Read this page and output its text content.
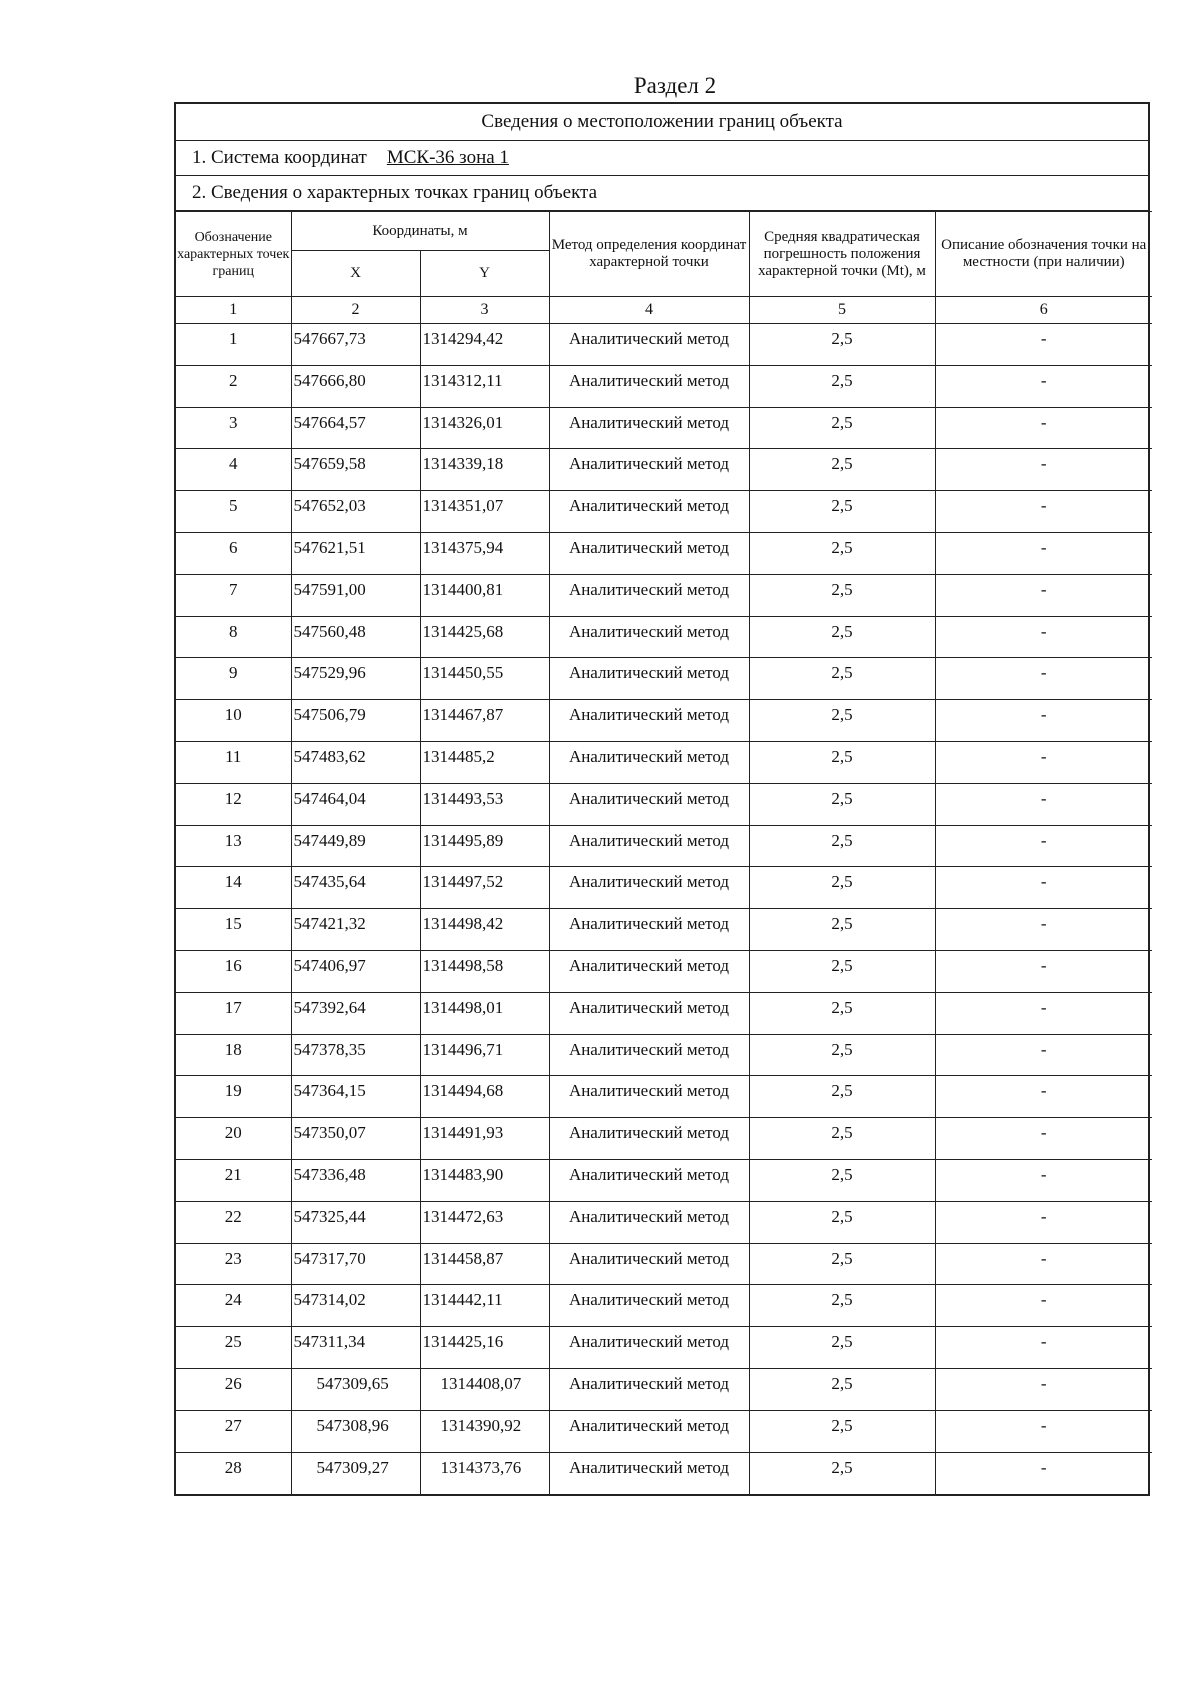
Раздел 2
Сведения о местоположении границ объекта
1. Система координат МСК-36 зона 1
2. Сведения о характерных точках границ объекта
Обозначение характерных точек границ	Координаты, м		Метод определения координат характерной точки	Средняя квадратическая погрешность положения характерной точки (Mt), м	Описание обозначения точки на местности (при наличии)
	X	Y			
1	2	3	4	5	6
1	547667,73	1314294,42	Аналитический метод	2,5	-
2	547666,80	1314312,11	Аналитический метод	2,5	-
3	547664,57	1314326,01	Аналитический метод	2,5	-
4	547659,58	1314339,18	Аналитический метод	2,5	-
5	547652,03	1314351,07	Аналитический метод	2,5	-
6	547621,51	1314375,94	Аналитический метод	2,5	-
7	547591,00	1314400,81	Аналитический метод	2,5	-
8	547560,48	1314425,68	Аналитический метод	2,5	-
9	547529,96	1314450,55	Аналитический метод	2,5	-
10	547506,79	1314467,87	Аналитический метод	2,5	-
11	547483,62	1314485,2	Аналитический метод	2,5	-
12	547464,04	1314493,53	Аналитический метод	2,5	-
13	547449,89	1314495,89	Аналитический метод	2,5	-
14	547435,64	1314497,52	Аналитический метод	2,5	-
15	547421,32	1314498,42	Аналитический метод	2,5	-
16	547406,97	1314498,58	Аналитический метод	2,5	-
17	547392,64	1314498,01	Аналитический метод	2,5	-
18	547378,35	1314496,71	Аналитический метод	2,5	-
19	547364,15	1314494,68	Аналитический метод	2,5	-
20	547350,07	1314491,93	Аналитический метод	2,5	-
21	547336,48	1314483,90	Аналитический метод	2,5	-
22	547325,44	1314472,63	Аналитический метод	2,5	-
23	547317,70	1314458,87	Аналитический метод	2,5	-
24	547314,02	1314442,11	Аналитический метод	2,5	-
25	547311,34	1314425,16	Аналитический метод	2,5	-
26	547309,65	1314408,07	Аналитический метод	2,5	-
27	547308,96	1314390,92	Аналитический метод	2,5	-
28	547309,27	1314373,76	Аналитический метод	2,5	-
